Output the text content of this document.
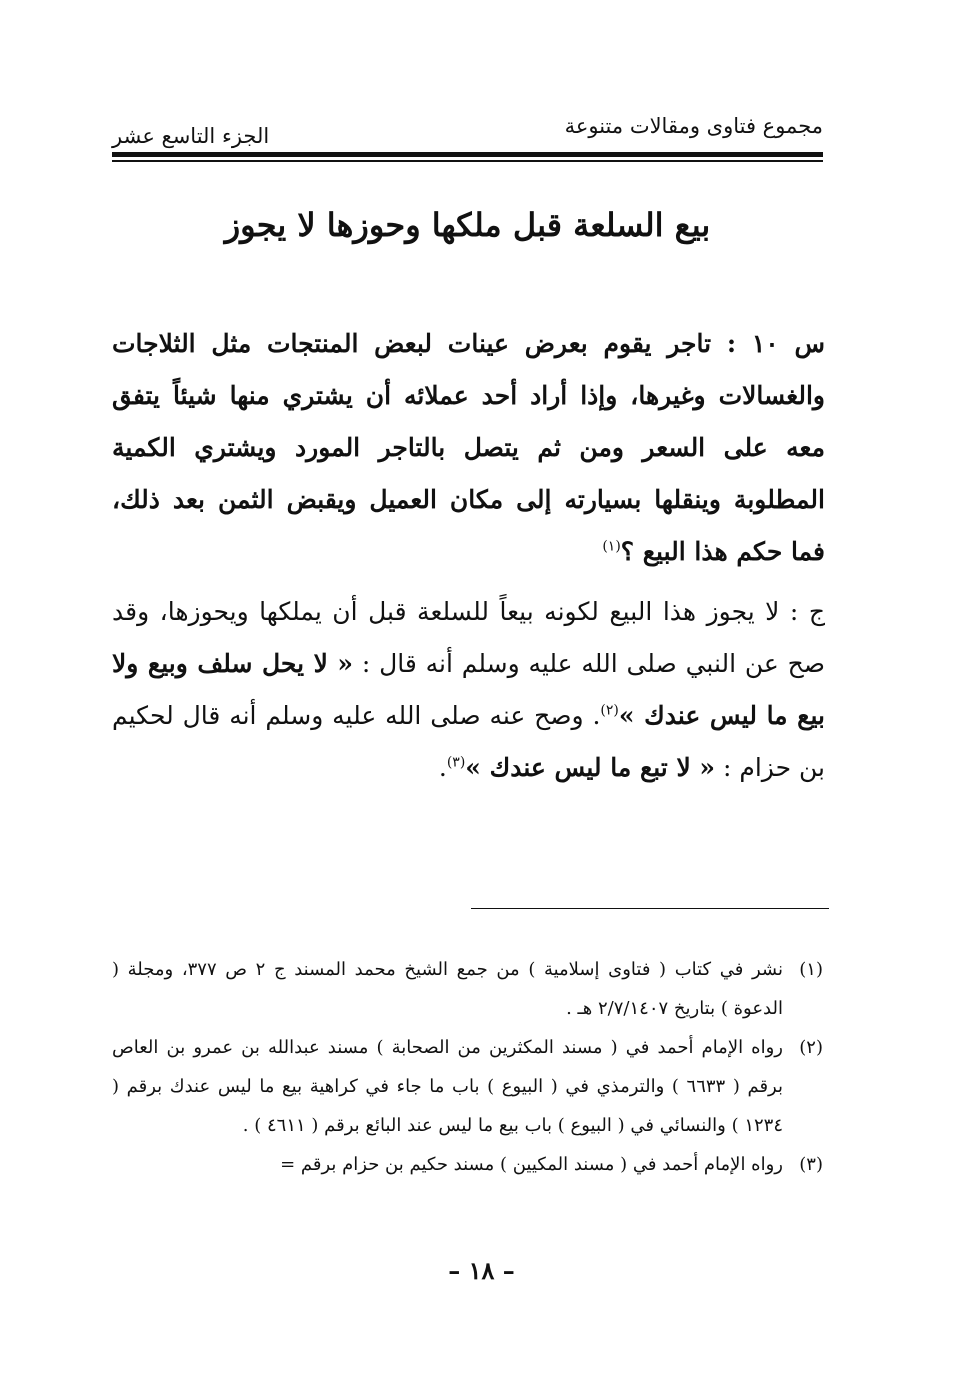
مجموع فتاوى ومقالات متنوعة
الجزء التاسع عشر
بيع السلعة قبل ملكها وحوزها لا يجوز

س ١٠ : تاجر يقوم بعرض عينات لبعض المنتجات مثل الثلاجات والغسالات وغيرها، وإذا أراد أحد عملائه أن يشتري منها شيئاً يتفق معه على السعر ومن ثم يتصل بالتاجر المورد ويشتري الكمية المطلوبة وينقلها بسيارته إلى مكان العميل ويقبض الثمن بعد ذلك، فما حكم هذا البيع ؟$^{(١)}$

ج : لا يجوز هذا البيع لكونه بيعاً للسلعة قبل أن يملكها ويحوزها، وقد صح عن النبي صلى الله عليه وسلم أنه قال : « لا يحل سلف وبيع ولا بيع ما ليس عندك »$^{(٢)}$. وصح عنه صلى الله عليه وسلم أنه قال لحكيم بن حزام : « لا تبع ما ليس عندك »$^{(٣)}$.

(١)
نشر في كتاب ( فتاوى إسلامية ) من جمع الشيخ محمد المسند ج ٢ ص ٣٧٧، ومجلة ( الدعوة ) بتاريخ ٢/٧/١٤٠٧ هـ .
(٢)
رواه الإمام أحمد في ( مسند المكثرين من الصحابة ) مسند عبدالله بن عمرو بن العاص برقم ( ٦٦٣٣ ) والترمذي في ( البيوع ) باب ما جاء في كراهية بيع ما ليس عندك برقم ( ١٢٣٤ ) والنسائي في ( البيوع ) باب بيع ما ليس عند البائع برقم ( ٤٦١١ ) .
(٣)
رواه الإمام أحمد في ( مسند المكيين ) مسند حكيم بن حزام برقم =
– ١٨ –
